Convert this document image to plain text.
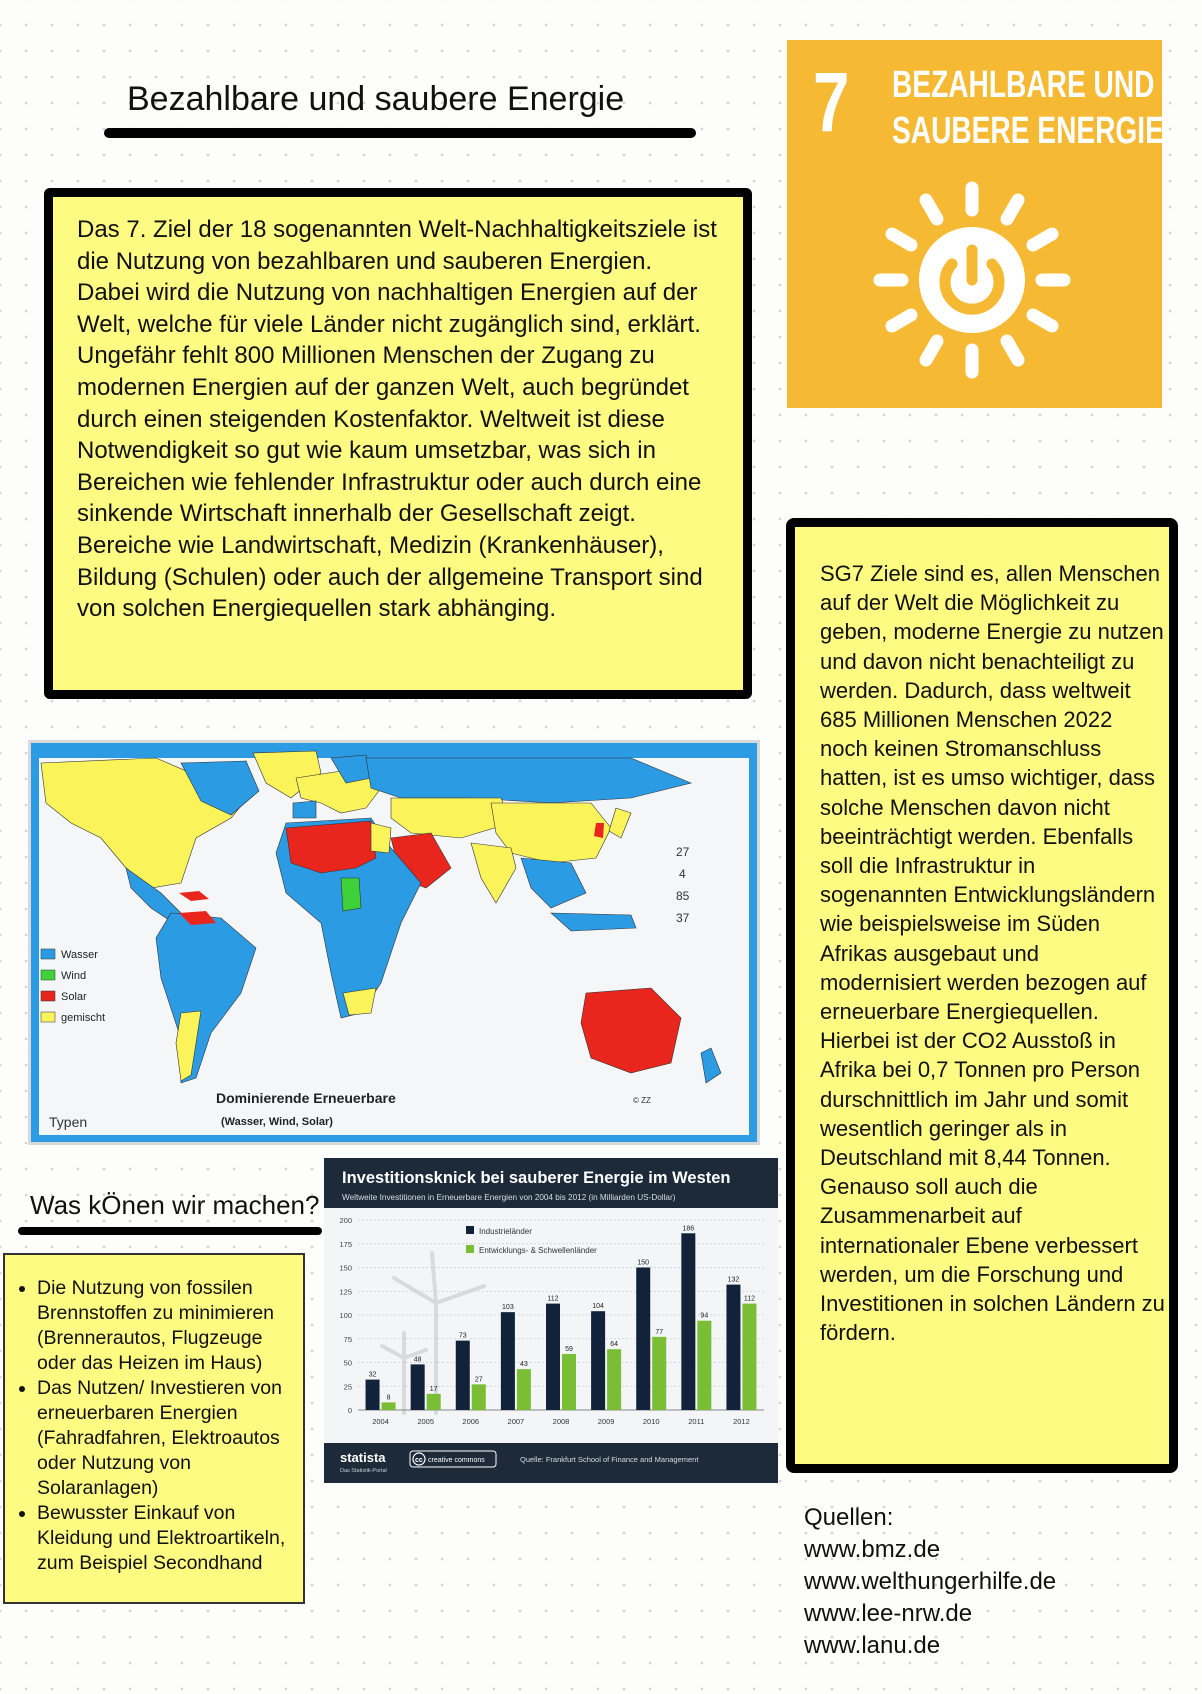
Bezahlbare und saubere Energie
Das 7. Ziel der 18 sogenannten Welt-Nachhaltigkeitsziele ist die Nutzung von bezahlbaren und sauberen Energien. Dabei wird die Nutzung von nachhaltigen Energien auf der Welt, welche für viele Länder nicht zugänglich sind, erklärt. Ungefähr fehlt 800 Millionen Menschen der Zugang zu modernen Energien auf der ganzen Welt, auch begründet durch einen steigenden Kostenfaktor. Weltweit ist diese Notwendigkeit so gut wie kaum umsetzbar, was sich in Bereichen wie fehlender Infrastruktur oder auch durch eine sinkende Wirtschaft innerhalb der Gesellschaft zeigt. Bereiche wie Landwirtschaft, Medizin (Krankenhäuser), Bildung (Schulen) oder auch der allgemeine Transport sind von solchen Energiequellen stark abhänging.
7 BEZAHLBARE UND
SAUBERE ENERGIE

SG7 Ziele sind es, allen Menschen auf der Welt die Möglichkeit zu geben, moderne Energie zu nutzen und davon nicht benachteiligt zu werden. Dadurch, dass weltweit 685 Millionen Menschen 2022 noch keinen Stromanschluss hatten, ist es umso wichtiger, dass solche Menschen davon nicht beeinträchtigt werden. Ebenfalls soll die Infrastruktur in sogenannten Entwicklungsländern wie beispielsweise im Süden Afrikas ausgebaut und modernisiert werden bezogen auf erneuerbare Energiequellen. Hierbei ist der CO2 Ausstoß in Afrika bei 0,7 Tonnen pro Person durschnittlich im Jahr und somit wesentlich geringer als in Deutschland mit 8,44 Tonnen.

Genauso soll auch die Zusammenarbeit auf internationaler Ebene verbessert werden, um die Forschung und Investitionen in solchen Ländern zu fördern.

Wasser
Wind
Solar
gemischt
27
4
85
37
Dominierende Erneuerbare
(Wasser, Wind, Solar)
Typen
© ZZ
Investitionsknick bei sauberer Energie im Westen
Weltweite Investitionen in Erneuerbare Energien von 2004 bis 2012 (in Milliarden US-Dollar)
0
25
50
75
100
125
150
175
200
32
8
48
17
73
27
103
43
112
59
104
64
150
77
186
94
132
112
2004	2005	2006	2007	2008	2009	2010	2011	2012
Industrieländer
Entwicklungs- & Schwellenländer
statista
Das Statistik-Portal
cc creative commons	Quelle: Frankfurt School of Finance and Management
Was kÖnen wir machen?
• Die Nutzung von fossilen Brennstoffen zu minimieren (Brennerautos, Flugzeuge oder das Heizen im Haus)
• Das Nutzen/ Investieren von erneuerbaren Energien (Fahradfahren, Elektroautos oder Nutzung von Solaranlagen)
• Bewusster Einkauf von Kleidung und Elektroartikeln, zum Beispiel Secondhand
Quellen:
www.bmz.de
www.welthungerhilfe.de
www.lee-nrw.de
www.lanu.de
